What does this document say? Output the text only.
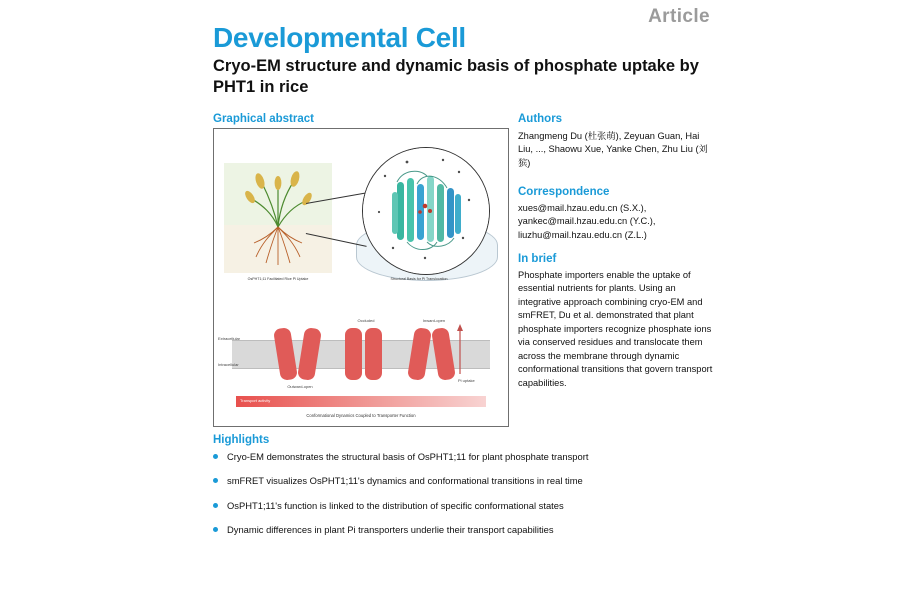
Article
Developmental Cell
Cryo-EM structure and dynamic basis of phosphate uptake by PHT1 in rice
Graphical abstract
OsPHT1;11 Facilitated Rice Pi Uptake	Structural Basis for Pi Translocation
Extracellular
Intracellular
Outward-open
Occluded	Inward-open
Pi uptake
Transport activity
Conformational Dynamics Coupled to Transporter Function
Authors
Zhangmeng Du (杜张萌), Zeyuan Guan, Hai Liu, ..., Shaowu Xue, Yanke Chen, Zhu Liu (刘㺍)
Correspondence
xues@mail.hzau.edu.cn (S.X.), yankec@mail.hzau.edu.cn (Y.C.), liuzhu@mail.hzau.edu.cn (Z.L.)
In brief
Phosphate importers enable the uptake of essential nutrients for plants. Using an integrative approach combining cryo-EM and smFRET, Du et al. demonstrated that plant phosphate importers recognize phosphate ions via conserved residues and translocate them across the membrane through dynamic conformational transitions that govern transport capabilities.
Highlights
Cryo-EM demonstrates the structural basis of OsPHT1;11 for plant phosphate transport
smFRET visualizes OsPHT1;11's dynamics and conformational transitions in real time
OsPHT1;11's function is linked to the distribution of specific conformational states
Dynamic differences in plant Pi transporters underlie their transport capabilities
